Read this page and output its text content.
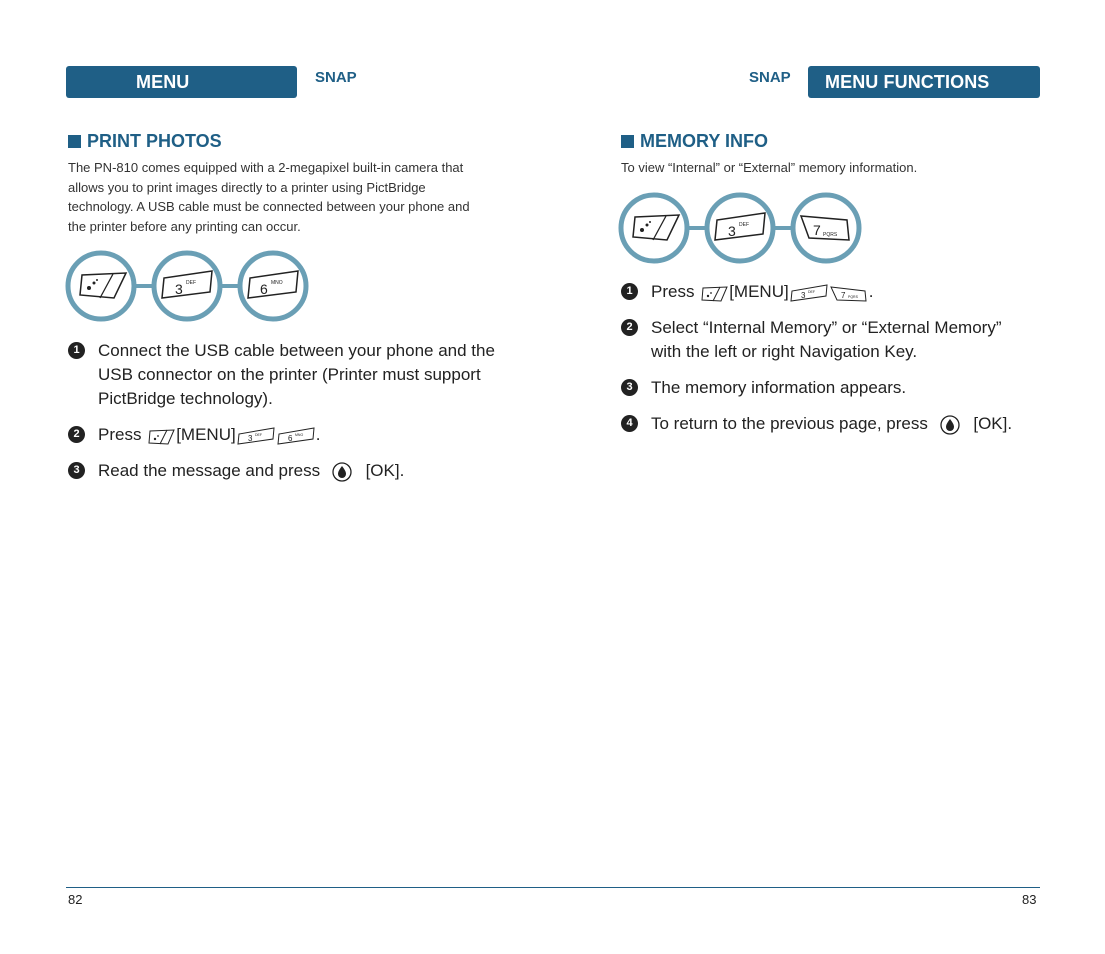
MENU FUNCTIONS
SNAP
PRINT PHOTOS
The PN-810 comes equipped with a 2-megapixel built-in camera that
allows you to print images directly to a printer using PictBridge
technology. A USB cable must be connected between your phone and
the printer before any printing can occur.
3 DEF	6 MNO
1	Connect the USB cable between your phone and the
USB connector on the printer (Printer must support
PictBridge technology).
2	Press [MENU] 3 DEF	6 MNO .
3	Read the message and press	[OK].
SNAP	MENU FUNCTIONS
MEMORY INFO
To view “Internal” or “External” memory information.
3 DEF	7 PQRS
1	Press [MENU] 3 DEF	7 PQRS .
2	Select “Internal Memory” or “External Memory”
with the left or right Navigation Key.
3	The memory information appears.
4	To return to the previous page, press	[OK].
82	83
